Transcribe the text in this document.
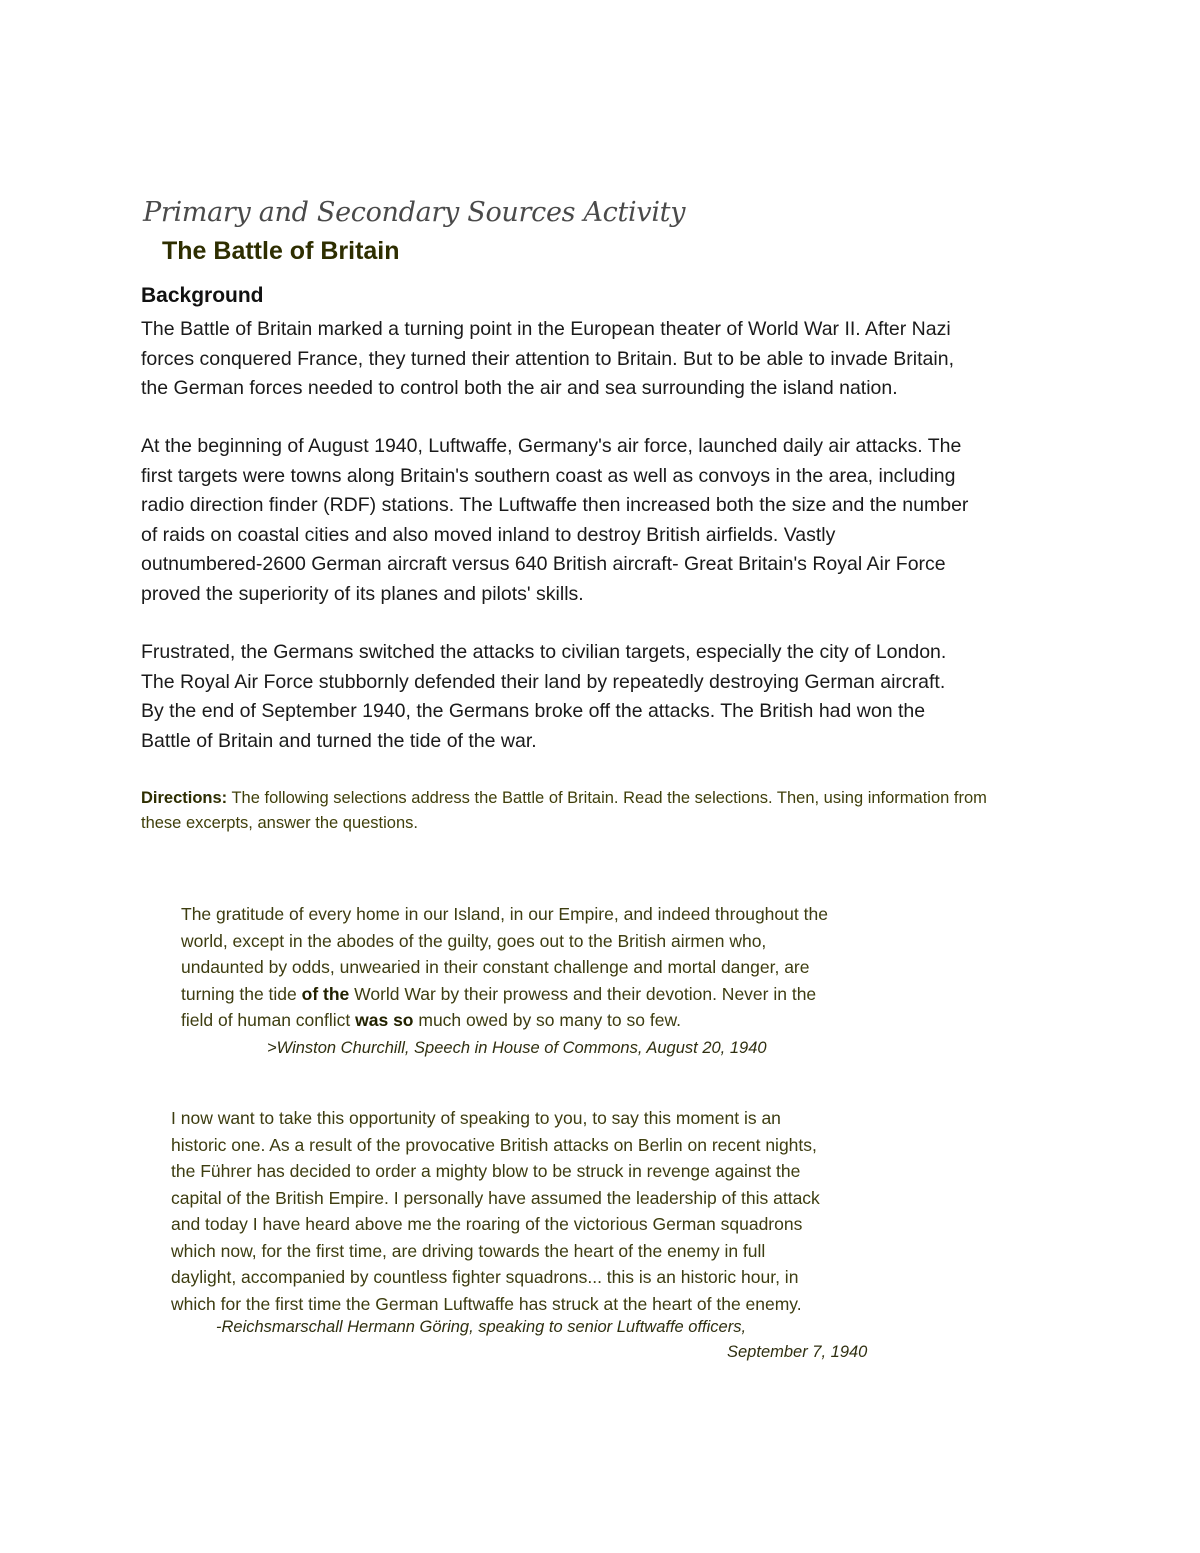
Primary and Secondary Sources Activity
The Battle of Britain
Background
The Battle of Britain marked a turning point in the European theater of World War II. After Nazi
forces conquered France, they turned their attention to Britain. But to be able to invade Britain,
the German forces needed to control both the air and sea surrounding the island nation.
At the beginning of August 1940, Luftwaffe, Germany's air force, launched daily air attacks. The
first targets were towns along Britain's southern coast as well as convoys in the area, including
radio direction finder (RDF) stations. The Luftwaffe then increased both the size and the number
of raids on coastal cities and also moved inland to destroy British airfields. Vastly
outnumbered-2600 German aircraft versus 640 British aircraft- Great Britain's Royal Air Force
proved the superiority of its planes and pilots' skills.
Frustrated, the Germans switched the attacks to civilian targets, especially the city of London.
The Royal Air Force stubbornly defended their land by repeatedly destroying German aircraft.
By the end of September 1940, the Germans broke off the attacks. The British had won the
Battle of Britain and turned the tide of the war.
Directions: The following selections address the Battle of Britain. Read the selections. Then, using information from
these excerpts, answer the questions.
The gratitude of every home in our Island, in our Empire, and indeed throughout the
world, except in the abodes of the guilty, goes out to the British airmen who,
undaunted by odds, unwearied in their constant challenge and mortal danger, are
turning the tide of the World War by their prowess and their devotion. Never in the
field of human conflict was so much owed by so many to so few.
>Winston Churchill, Speech in House of Commons, August 20, 1940
I now want to take this opportunity of speaking to you, to say this moment is an
historic one. As a result of the provocative British attacks on Berlin on recent nights,
the Führer has decided to order a mighty blow to be struck in revenge against the
capital of the British Empire. I personally have assumed the leadership of this attack
and today I have heard above me the roaring of the victorious German squadrons
which now, for the first time, are driving towards the heart of the enemy in full
daylight, accompanied by countless fighter squadrons... this is an historic hour, in
which for the first time the German Luftwaffe has struck at the heart of the enemy.
-Reichsmarschall Hermann Göring, speaking to senior Luftwaffe officers,
September 7, 1940
